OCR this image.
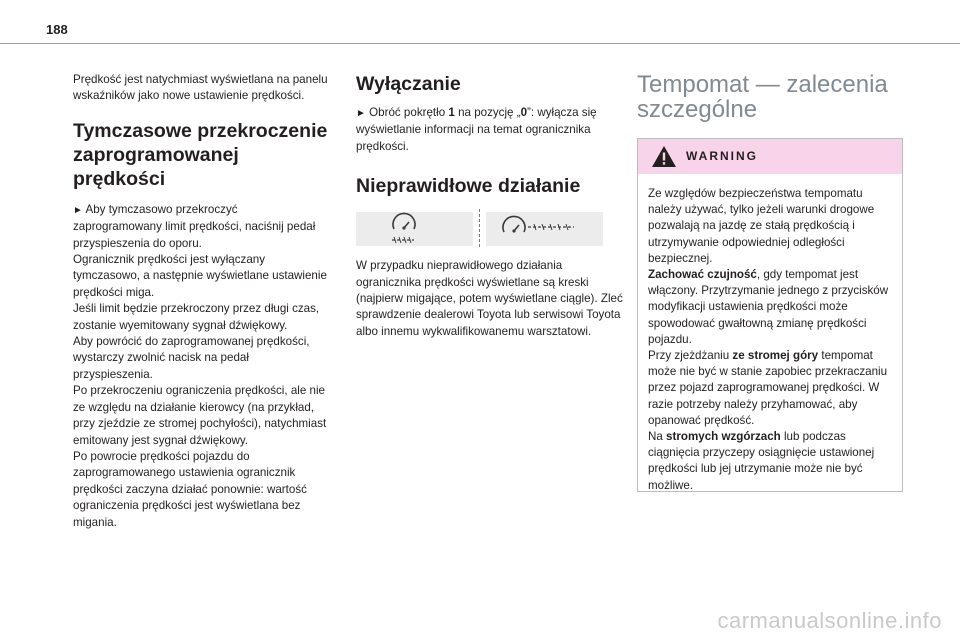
188

Prędkość jest natychmiast wyświetlana na panelu wskaźników jako nowe ustawienie prędkości.

Tymczasowe przekroczenie zaprogramowanej prędkości

► Aby tymczasowo przekroczyć zaprogramowany limit prędkości, naciśnij pedał przyspieszenia do oporu.

Ogranicznik prędkości jest wyłączany tymczasowo, a następnie wyświetlane ustawienie prędkości miga.

Jeśli limit będzie przekroczony przez długi czas, zostanie wyemitowany sygnał dźwiękowy.

Aby powrócić do zaprogramowanej prędkości, wystarczy zwolnić nacisk na pedał przyspieszenia.

Po przekroczeniu ograniczenia prędkości, ale nie ze względu na działanie kierowcy (na przykład, przy zjeździe ze stromej pochyłości), natychmiast emitowany jest sygnał dźwiękowy.

Po powrocie prędkości pojazdu do zaprogramowanego ustawienia ogranicznik prędkości zaczyna działać ponownie: wartość ograniczenia prędkości jest wyświetlana bez migania.

Wyłączanie

► Obróć pokrętło 1 na pozycję „0”: wyłącza się wyświetlanie informacji na temat ogranicznika prędkości.

Nieprawidłowe działanie

W przypadku nieprawidłowego działania ogranicznika prędkości wyświetlane są kreski (najpierw migające, potem wyświetlane ciągle). Zleć sprawdzenie dealerowi Toyota lub serwisowi Toyota albo innemu wykwalifikowanemu warsztatowi.

Tempomat — zalecenia szczególne
WARNING

Ze względów bezpieczeństwa tempomatu należy używać, tylko jeżeli warunki drogowe pozwalają na jazdę ze stałą prędkością i utrzymywanie odpowiedniej odległości bezpiecznej.

Zachować czujność, gdy tempomat jest włączony. Przytrzymanie jednego z przycisków modyfikacji ustawienia prędkości może spowodować gwałtowną zmianę prędkości pojazdu.

Przy zjeżdżaniu ze stromej góry tempomat może nie być w stanie zapobiec przekraczaniu przez pojazd zaprogramowanej prędkości. W razie potrzeby należy przyhamować, aby opanować prędkość.

Na stromych wzgórzach lub podczas ciągnięcia przyczepy osiągnięcie ustawionej prędkości lub jej utrzymanie może nie być możliwe.

carmanualsonline.info
